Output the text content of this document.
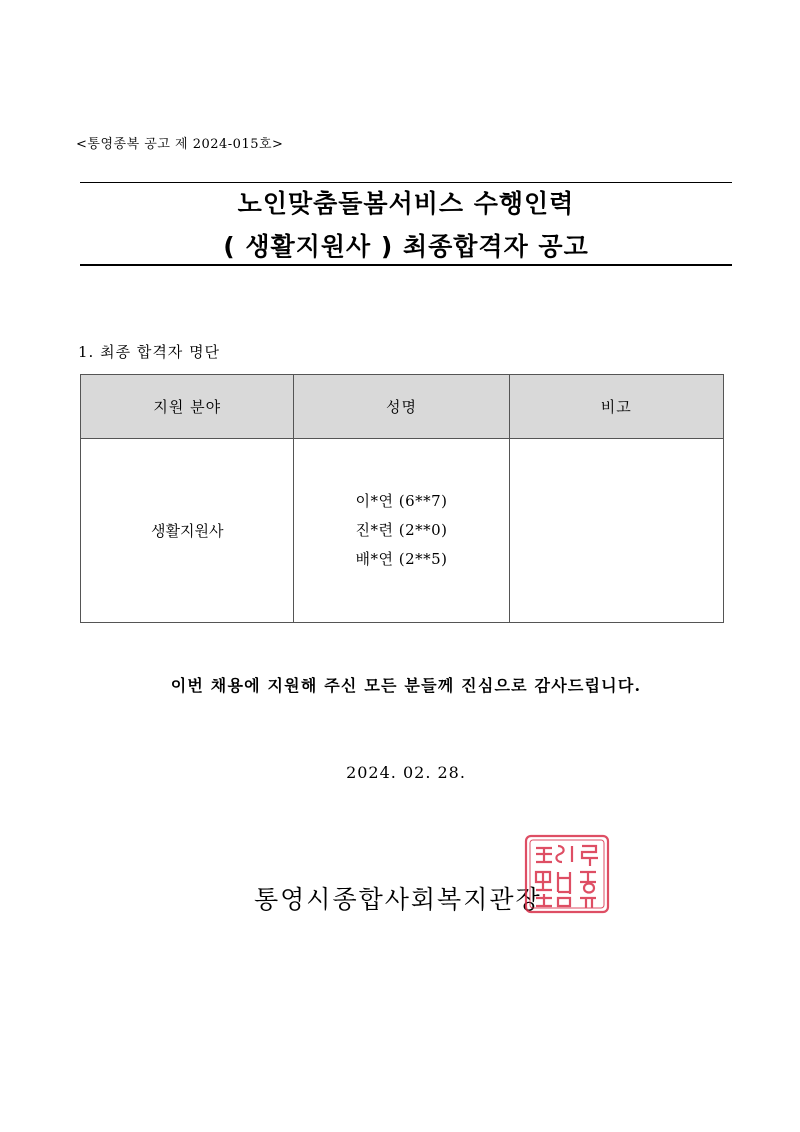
<통영종복 공고 제 2024-015호>
노인맞춤돌봄서비스 수행인력
( 생활지원사 ) 최종합격자 공고
1. 최종 합격자 명단
지원 분야	성명	비고
생활지원사	이*연 (6**7)
진*련 (2**0)
배*연 (2**5)	

이번 채용에 지원해 주신 모든 분들께 진심으로 감사드립니다.
2024. 02. 28.
통영시종합사회복지관장
